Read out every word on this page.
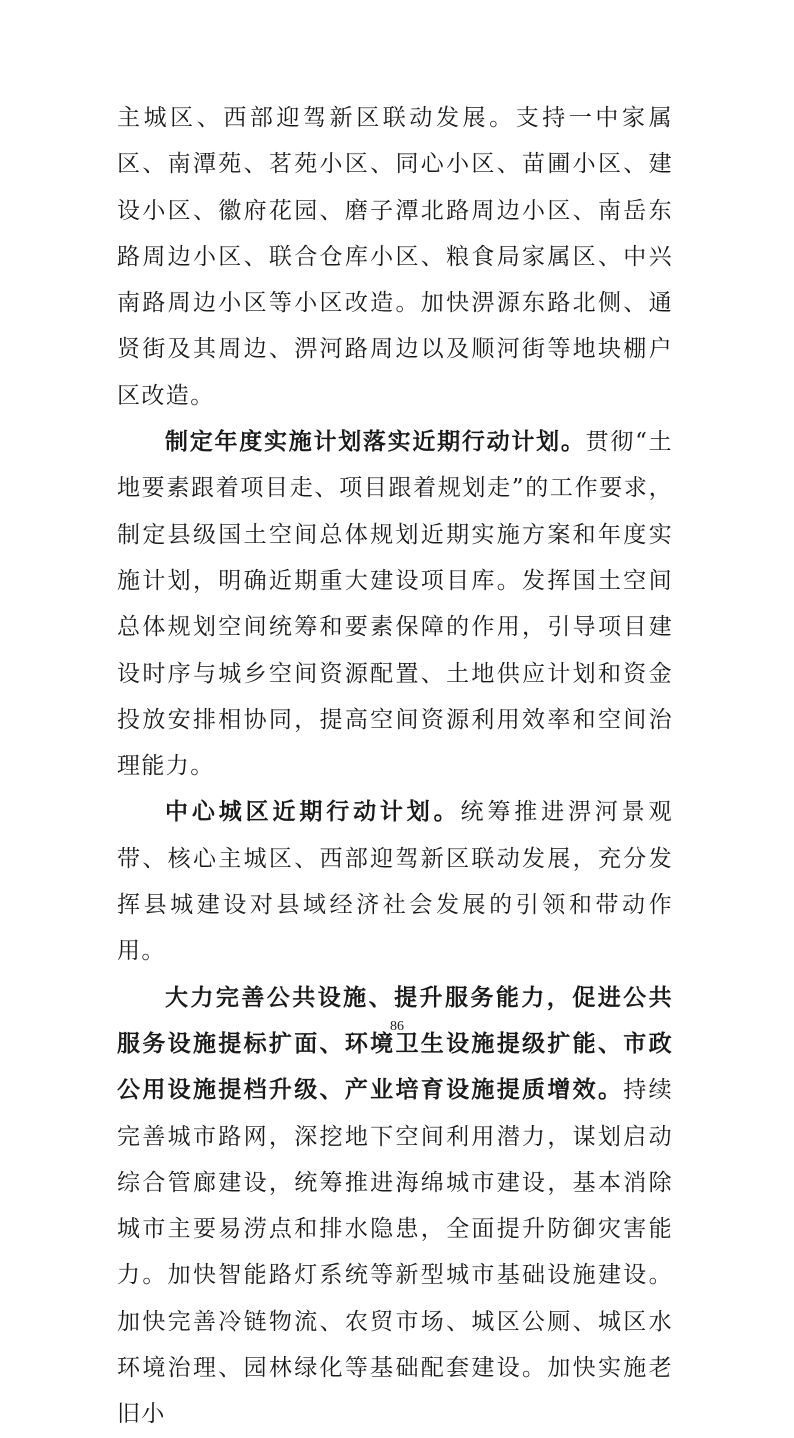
主城区、西部迎驾新区联动发展。支持一中家属区、南潭苑、茗苑小区、同心小区、苗圃小区、建设小区、徽府花园、磨子潭北路周边小区、南岳东路周边小区、联合仓库小区、粮食局家属区、中兴南路周边小区等小区改造。加快淠源东路北侧、通贤街及其周边、淠河路周边以及顺河街等地块棚户区改造。

制定年度实施计划落实近期行动计划。贯彻“土地要素跟着项目走、项目跟着规划走”的工作要求，制定县级国土空间总体规划近期实施方案和年度实施计划，明确近期重大建设项目库。发挥国土空间总体规划空间统筹和要素保障的作用，引导项目建设时序与城乡空间资源配置、土地供应计划和资金投放安排相协同，提高空间资源利用效率和空间治理能力。

中心城区近期行动计划。统筹推进淠河景观带、核心主城区、西部迎驾新区联动发展，充分发挥县城建设对县域经济社会发展的引领和带动作用。

大力完善公共设施、提升服务能力，促进公共服务设施提标扩面、环境卫生设施提级扩能、市政公用设施提档升级、产业培育设施提质增效。持续完善城市路网，深挖地下空间利用潜力，谋划启动综合管廊建设，统筹推进海绵城市建设，基本消除城市主要易涝点和排水隐患，全面提升防御灾害能力。加快智能路灯系统等新型城市基础设施建设。加快完善冷链物流、农贸市场、城区公厕、城区水环境治理、园林绿化等基础配套建设。加快实施老旧小

86
